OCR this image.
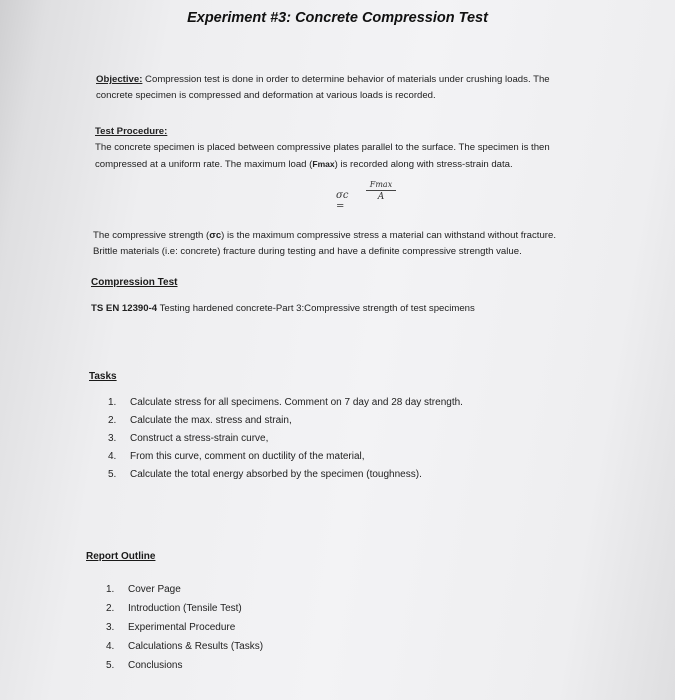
Experiment #3: Concrete Compression Test
Objective: Compression test is done in order to determine behavior of materials under crushing loads. The
concrete specimen is compressed and deformation at various loads is recorded.
Test Procedure:
The concrete specimen is placed between compressive plates parallel to the surface. The specimen is then
compressed at a uniform rate. The maximum load (Fmax) is recorded along with stress-strain data.
σc =
Fmax
A
The compressive strength (σc) is the maximum compressive stress a material can withstand without fracture.
Brittle materials (i.e: concrete) fracture during testing and have a definite compressive strength value.
Compression Test
TS EN 12390-4 Testing hardened concrete-Part 3:Compressive strength of test specimens
Tasks
1. Calculate stress for all specimens. Comment on 7 day and 28 day strength.
2. Calculate the max. stress and strain,
3. Construct a stress-strain curve,
4. From this curve, comment on ductility of the material,
5. Calculate the total energy absorbed by the specimen (toughness).
Report Outline
1. Cover Page
2. Introduction (Tensile Test)
3. Experimental Procedure
4. Calculations & Results (Tasks)
5. Conclusions
